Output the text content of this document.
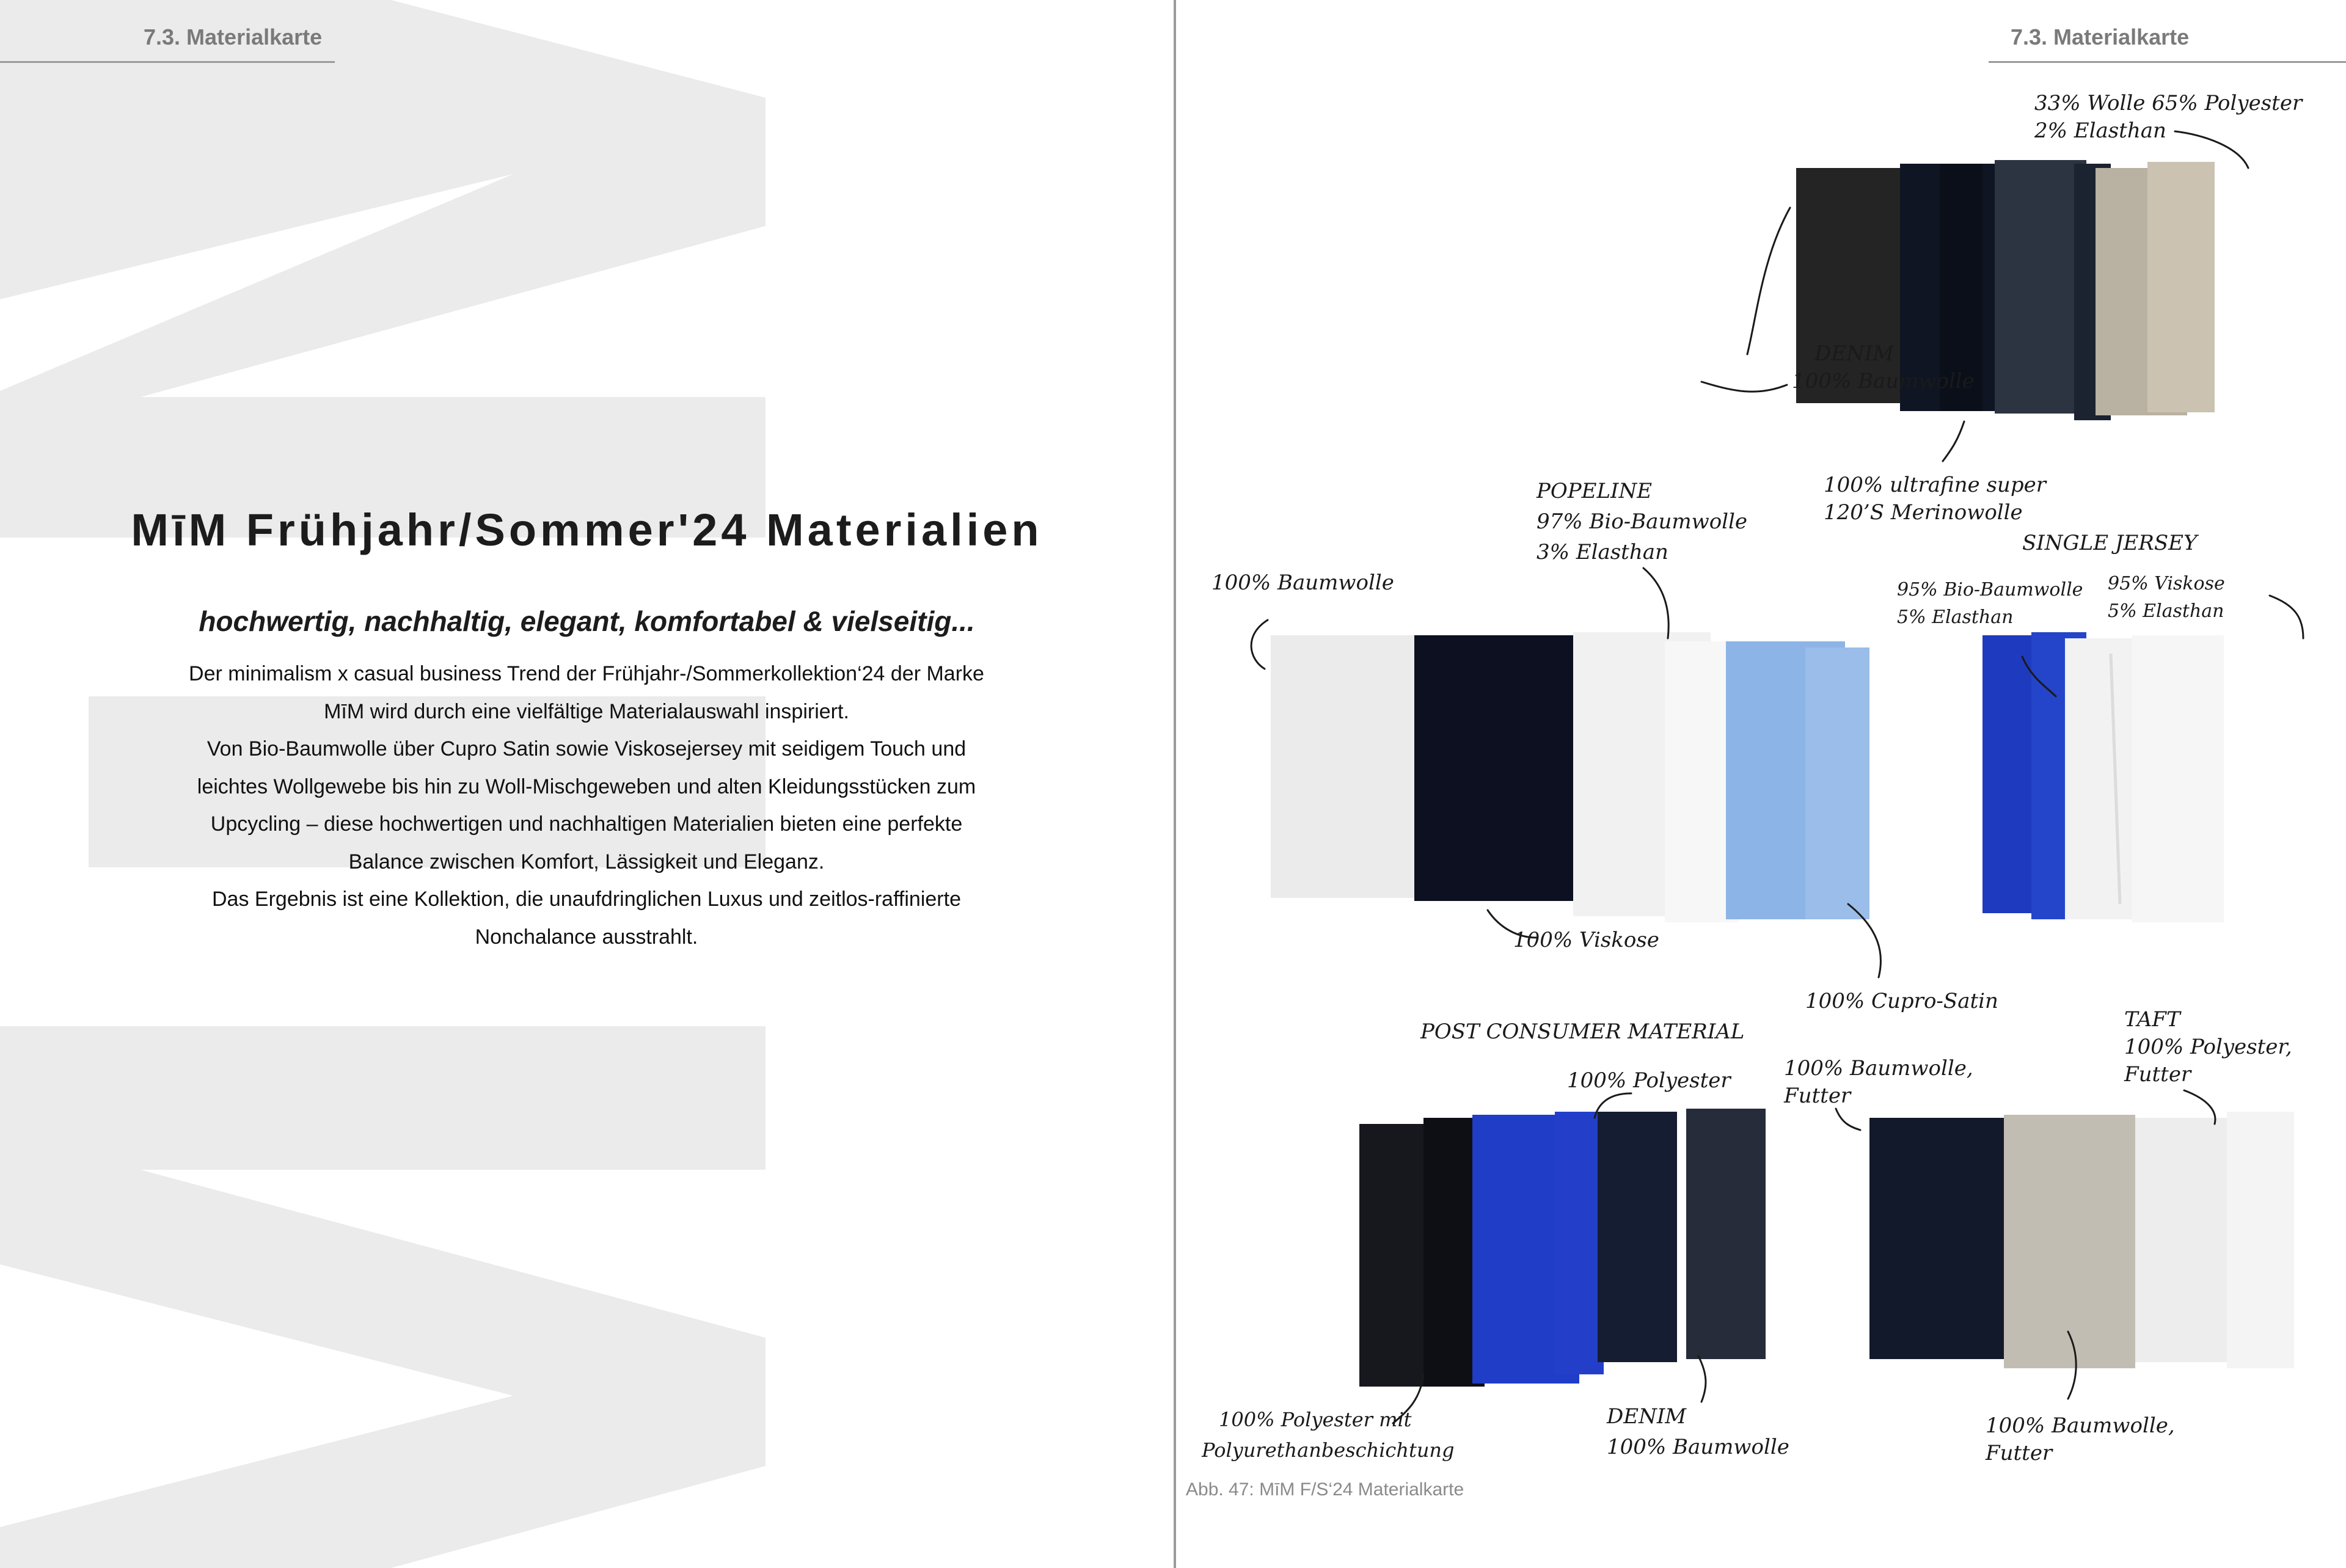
7.3. Materialkarte
MīM Frühjahr/Sommer'24 Materialien
hochwertig, nachhaltig, elegant, komfortabel & vielseitig...
Der minimalism x casual business Trend der Frühjahr-/Sommerkollektion‘24 der Marke
MīM wird durch eine vielfältige Materialauswahl inspiriert.
Von Bio-Baumwolle über Cupro Satin sowie Viskosejersey mit seidigem Touch und
leichtes Wollgewebe bis hin zu Woll-Mischgeweben und alten Kleidungsstücken zum
Upcycling – diese hochwertigen und nachhaltigen Materialien bieten eine perfekte
Balance zwischen Komfort, Lässigkeit und Eleganz.
Das Ergebnis ist eine Kollektion, die unaufdringlichen Luxus und zeitlos-raffinierte
Nonchalance ausstrahlt.
7.3. Materialkarte
33% Wolle 65% Polyester
2% Elasthan
DENIM
100% Baumwolle
100% ultrafine super
120’S Merinowolle
POPELINE
97% Bio-Baumwolle
3% Elasthan
100% Baumwolle
SINGLE JERSEY
95% Bio-Baumwolle
5% Elasthan
95% Viskose
5% Elasthan
100% Viskose
100% Cupro-Satin
POST CONSUMER MATERIAL
100% Polyester	100% Baumwolle,
Futter
TAFT
100% Polyester,
Futter
100% Polyester mit
Polyurethanbeschichtung
DENIM
100% Baumwolle
100% Baumwolle,
Futter
Abb. 47: MīM F/S‘24 Materialkarte
